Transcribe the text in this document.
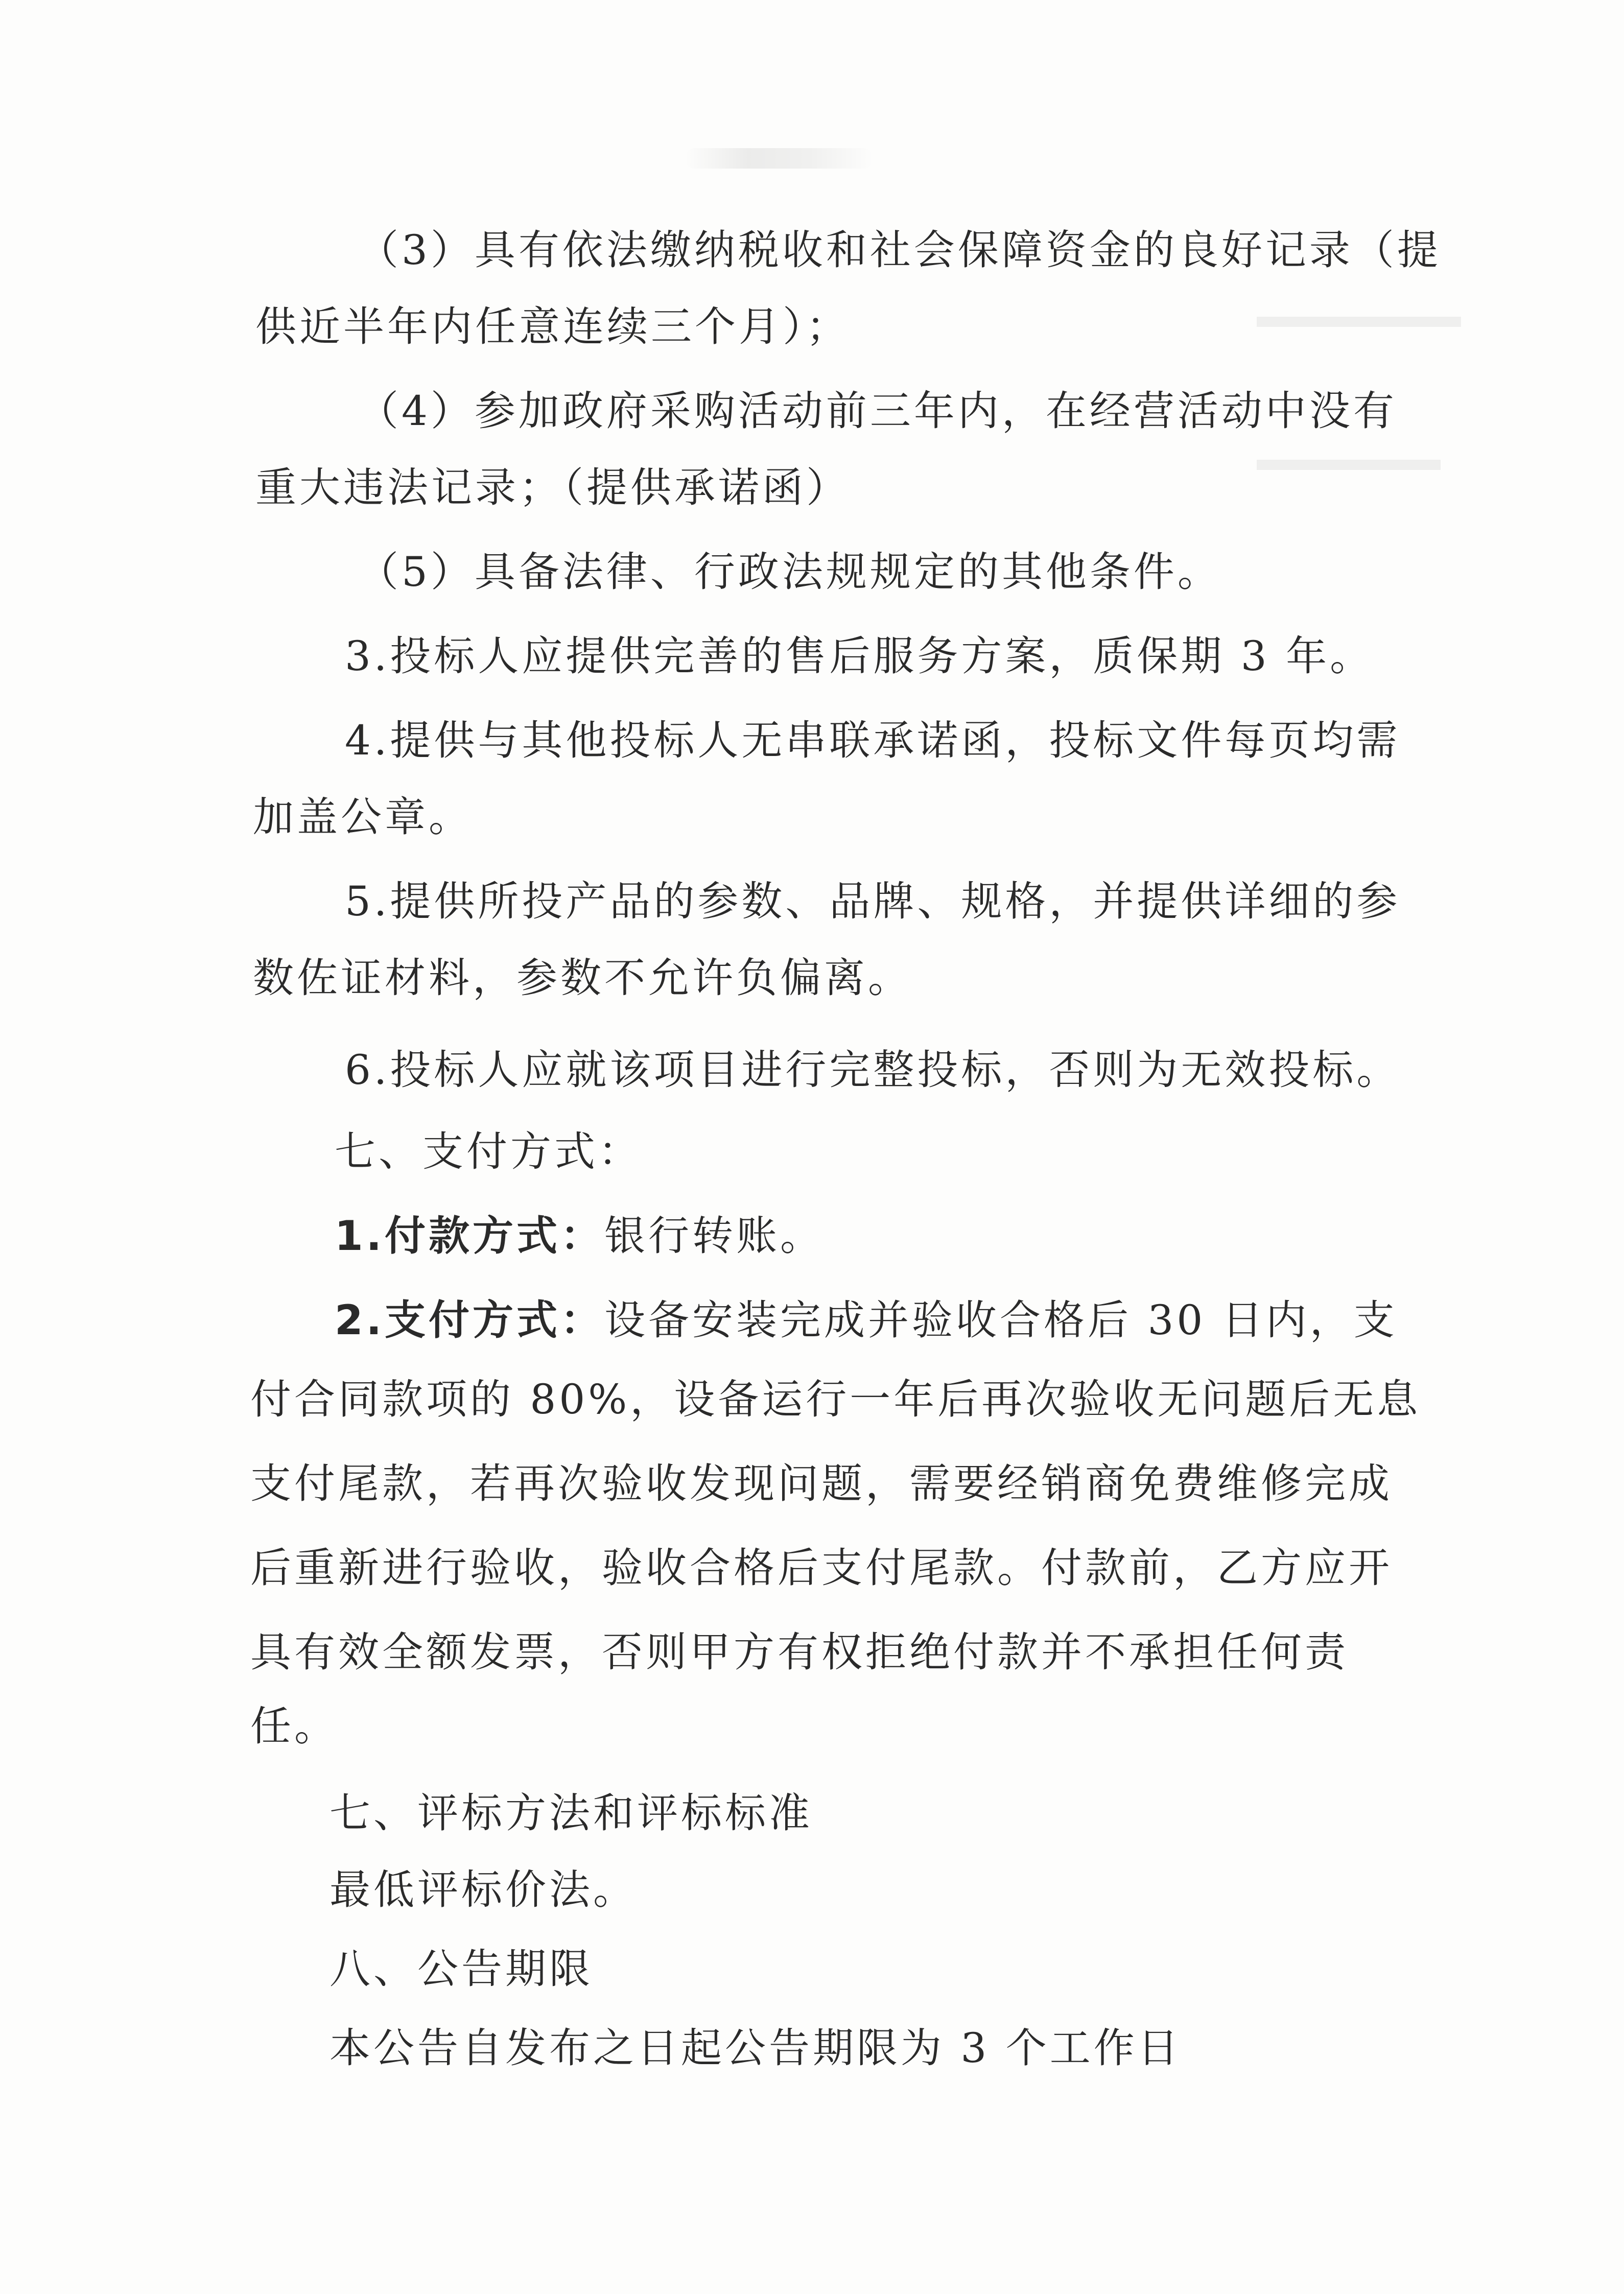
（3）具有依法缴纳税收和社会保障资金的良好记录（提
供近半年内任意连续三个月）；
（4）参加政府采购活动前三年内，在经营活动中没有
重大违法记录；（提供承诺函）
（5）具备法律、行政法规规定的其他条件。
3.投标人应提供完善的售后服务方案，质保期 3 年。
4.提供与其他投标人无串联承诺函，投标文件每页均需
加盖公章。
5.提供所投产品的参数、品牌、规格，并提供详细的参
数佐证材料，参数不允许负偏离。
6.投标人应就该项目进行完整投标，否则为无效投标。
七、支付方式：
1.付款方式：银行转账。
2.支付方式：设备安装完成并验收合格后 30 日内，支
付合同款项的 80%，设备运行一年后再次验收无问题后无息
支付尾款，若再次验收发现问题，需要经销商免费维修完成
后重新进行验收，验收合格后支付尾款。付款前，乙方应开
具有效全额发票，否则甲方有权拒绝付款并不承担任何责
任。
七、评标方法和评标标准
最低评标价法。
八、公告期限
本公告自发布之日起公告期限为 3 个工作日
